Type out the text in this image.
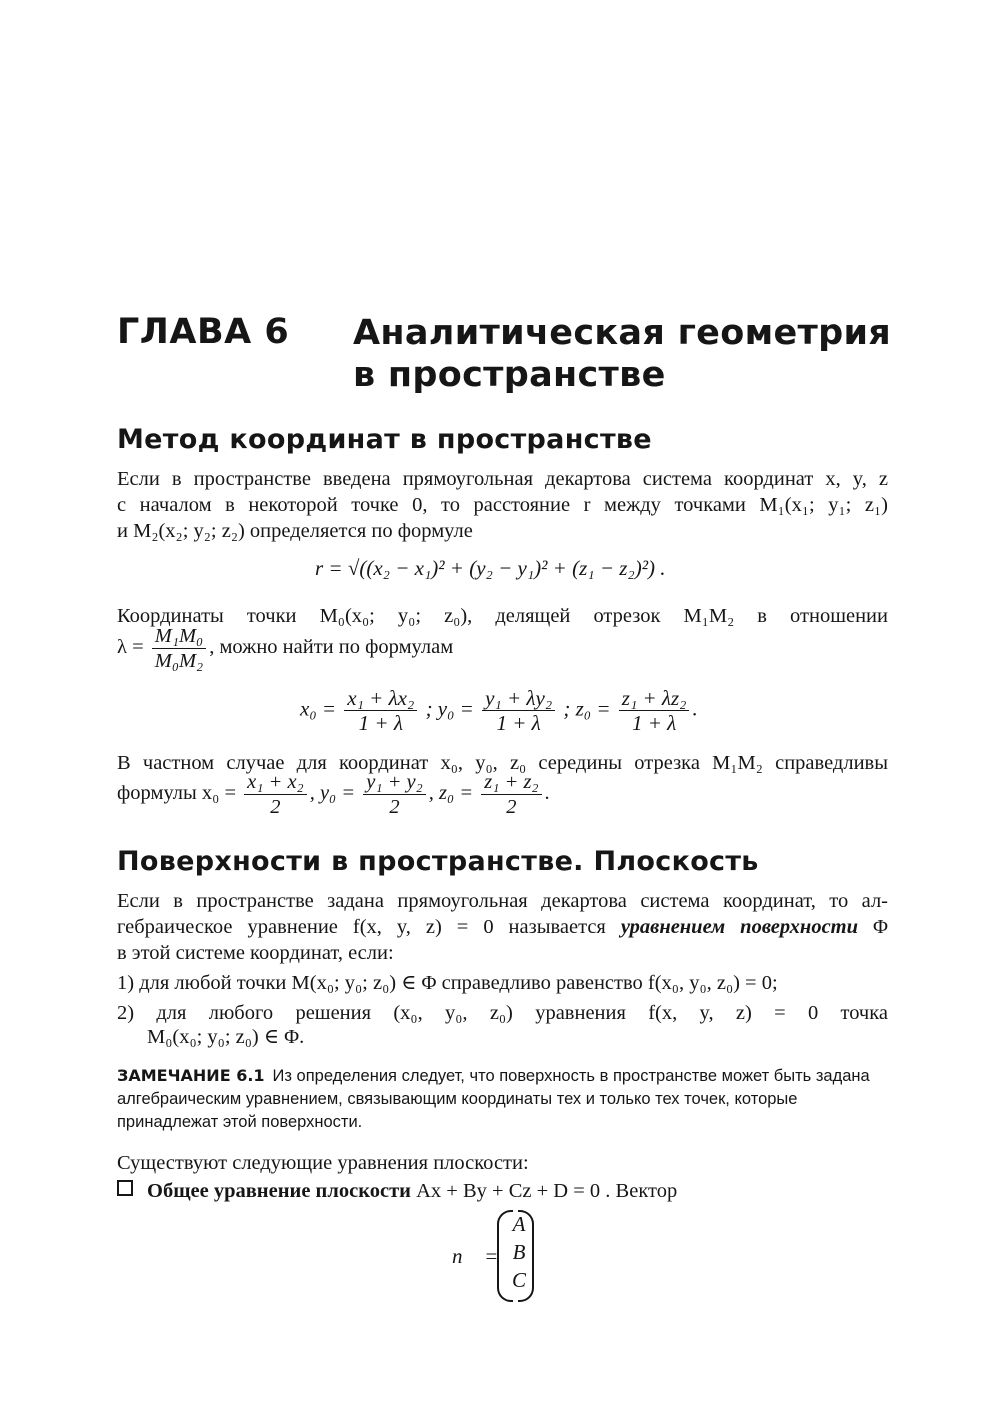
ГЛАВА 6 Аналитическая геометрия
в пространстве
Метод координат в пространстве
Если в пространстве введена прямоугольная декартова система координат x, y, z
с началом в некоторой точке 0, то расстояние r между точками M₁(x₁; y₁; z₁)
и M₂(x₂; y₂; z₂) определяется по формуле
r = √((x₂ − x₁)² + (y₂ − y₁)² + (z₁ − z₂)²) .
Координаты точки M₀(x₀; y₀; z₀), делящей отрезок M₁M₂ в отношении
$\lambda = \frac{\text{M₁M₀}}{\text{M₀M₂}}$ , можно найти по формулам
$x_0 = \frac{\text{x₁ + λx₂}}{1 + \lambda}$ ; $y_0 = \frac{\text{y₁ + λy₂}}{1 + \lambda}$ ; $z_0 = \frac{\text{z₁ + λz₂}}{1 + \lambda}$ .
В частном случае для координат x₀, y₀, z₀ середины отрезка M₁M₂ справедливы
формулы $x_0 = \frac{\text{x₁ + x₂}}{2}$ , $y_0 = \frac{\text{y₁ + y₂}}{2}$ , $z_0 = \frac{\text{z₁ + z₂}}{2}$ .
Поверхности в пространстве. Плоскость
Если в пространстве задана прямоугольная декартова система координат, то ал-
гебраическое уравнение f(x, y, z) = 0 называется уравнением поверхности Φ
в этой системе координат, если:
1) для любой точки M(x₀; y₀; z₀) ∈ Φ справедливо равенство f(x₀, y₀, z₀) = 0;
2) для любого решения (x₀, y₀, z₀) уравнения f(x, y, z) = 0 точка
M₀(x₀; y₀; z₀) ∈ Φ.
ЗАМЕЧАНИЕ 6.1 Из определения следует, что поверхность в пространстве может быть задана алгебраическим уравнением, связывающим координаты тех и только тех точек, которые принадлежат этой поверхности.
Существуют следующие уравнения плоскости:
Общее уравнение плоскости Ax + By + Cz + D = 0 . Вектор
n⃗ =
A
B
C
